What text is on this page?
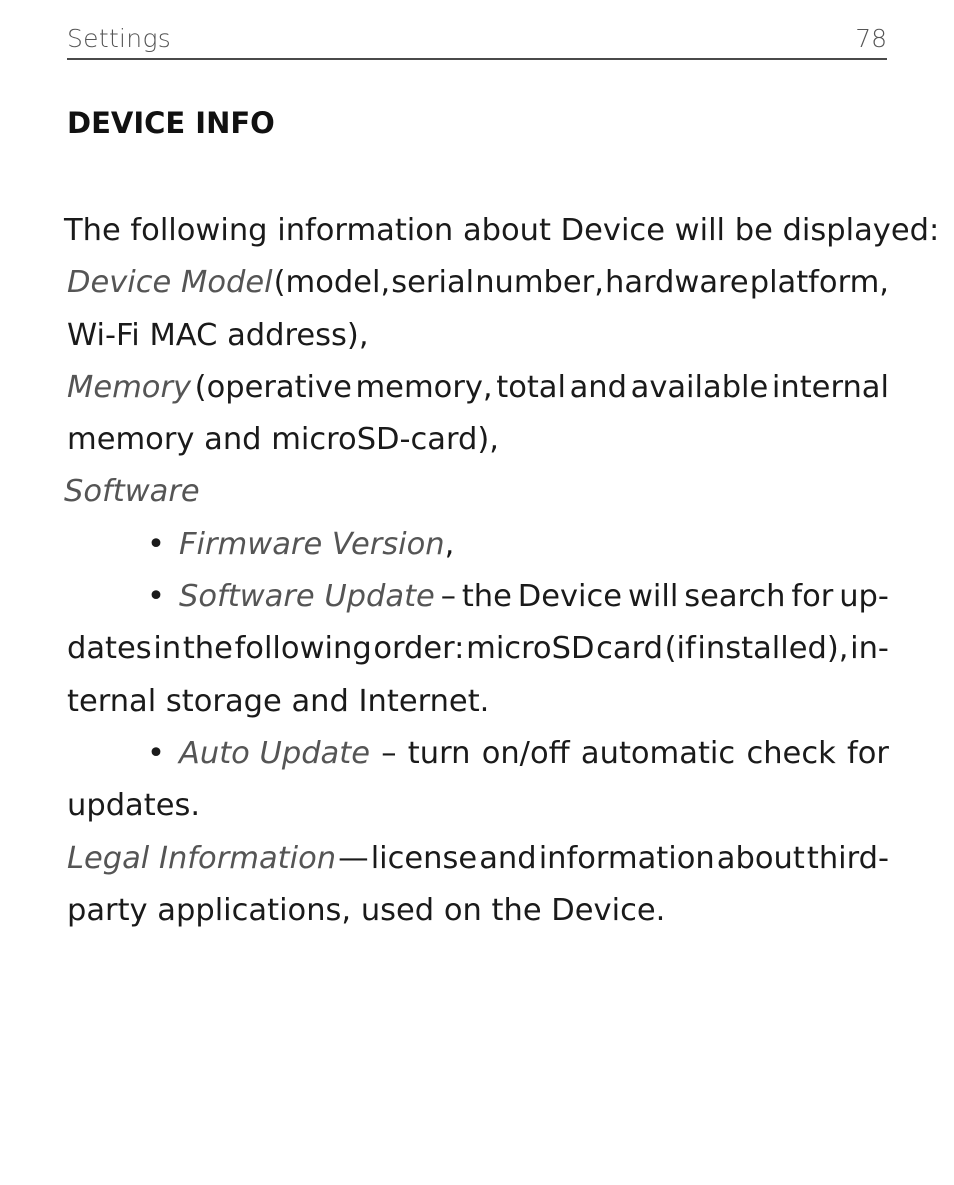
Settings	78
DEVICE INFO
The following information about Device will be displayed:
Device Model (model, serial number, hardware platform,
Wi-Fi MAC address),
Memory (operative memory, total and available internal
memory and microSD-card),
Software
• Firmware Version,
• Software Update – the Device will search for up-
dates in the following order: microSD card (if installed), in-
ternal storage and Internet.
• Auto Update – turn on/off automatic check for
updates.
Legal Information — license and information about third-
party applications, used on the Device.
